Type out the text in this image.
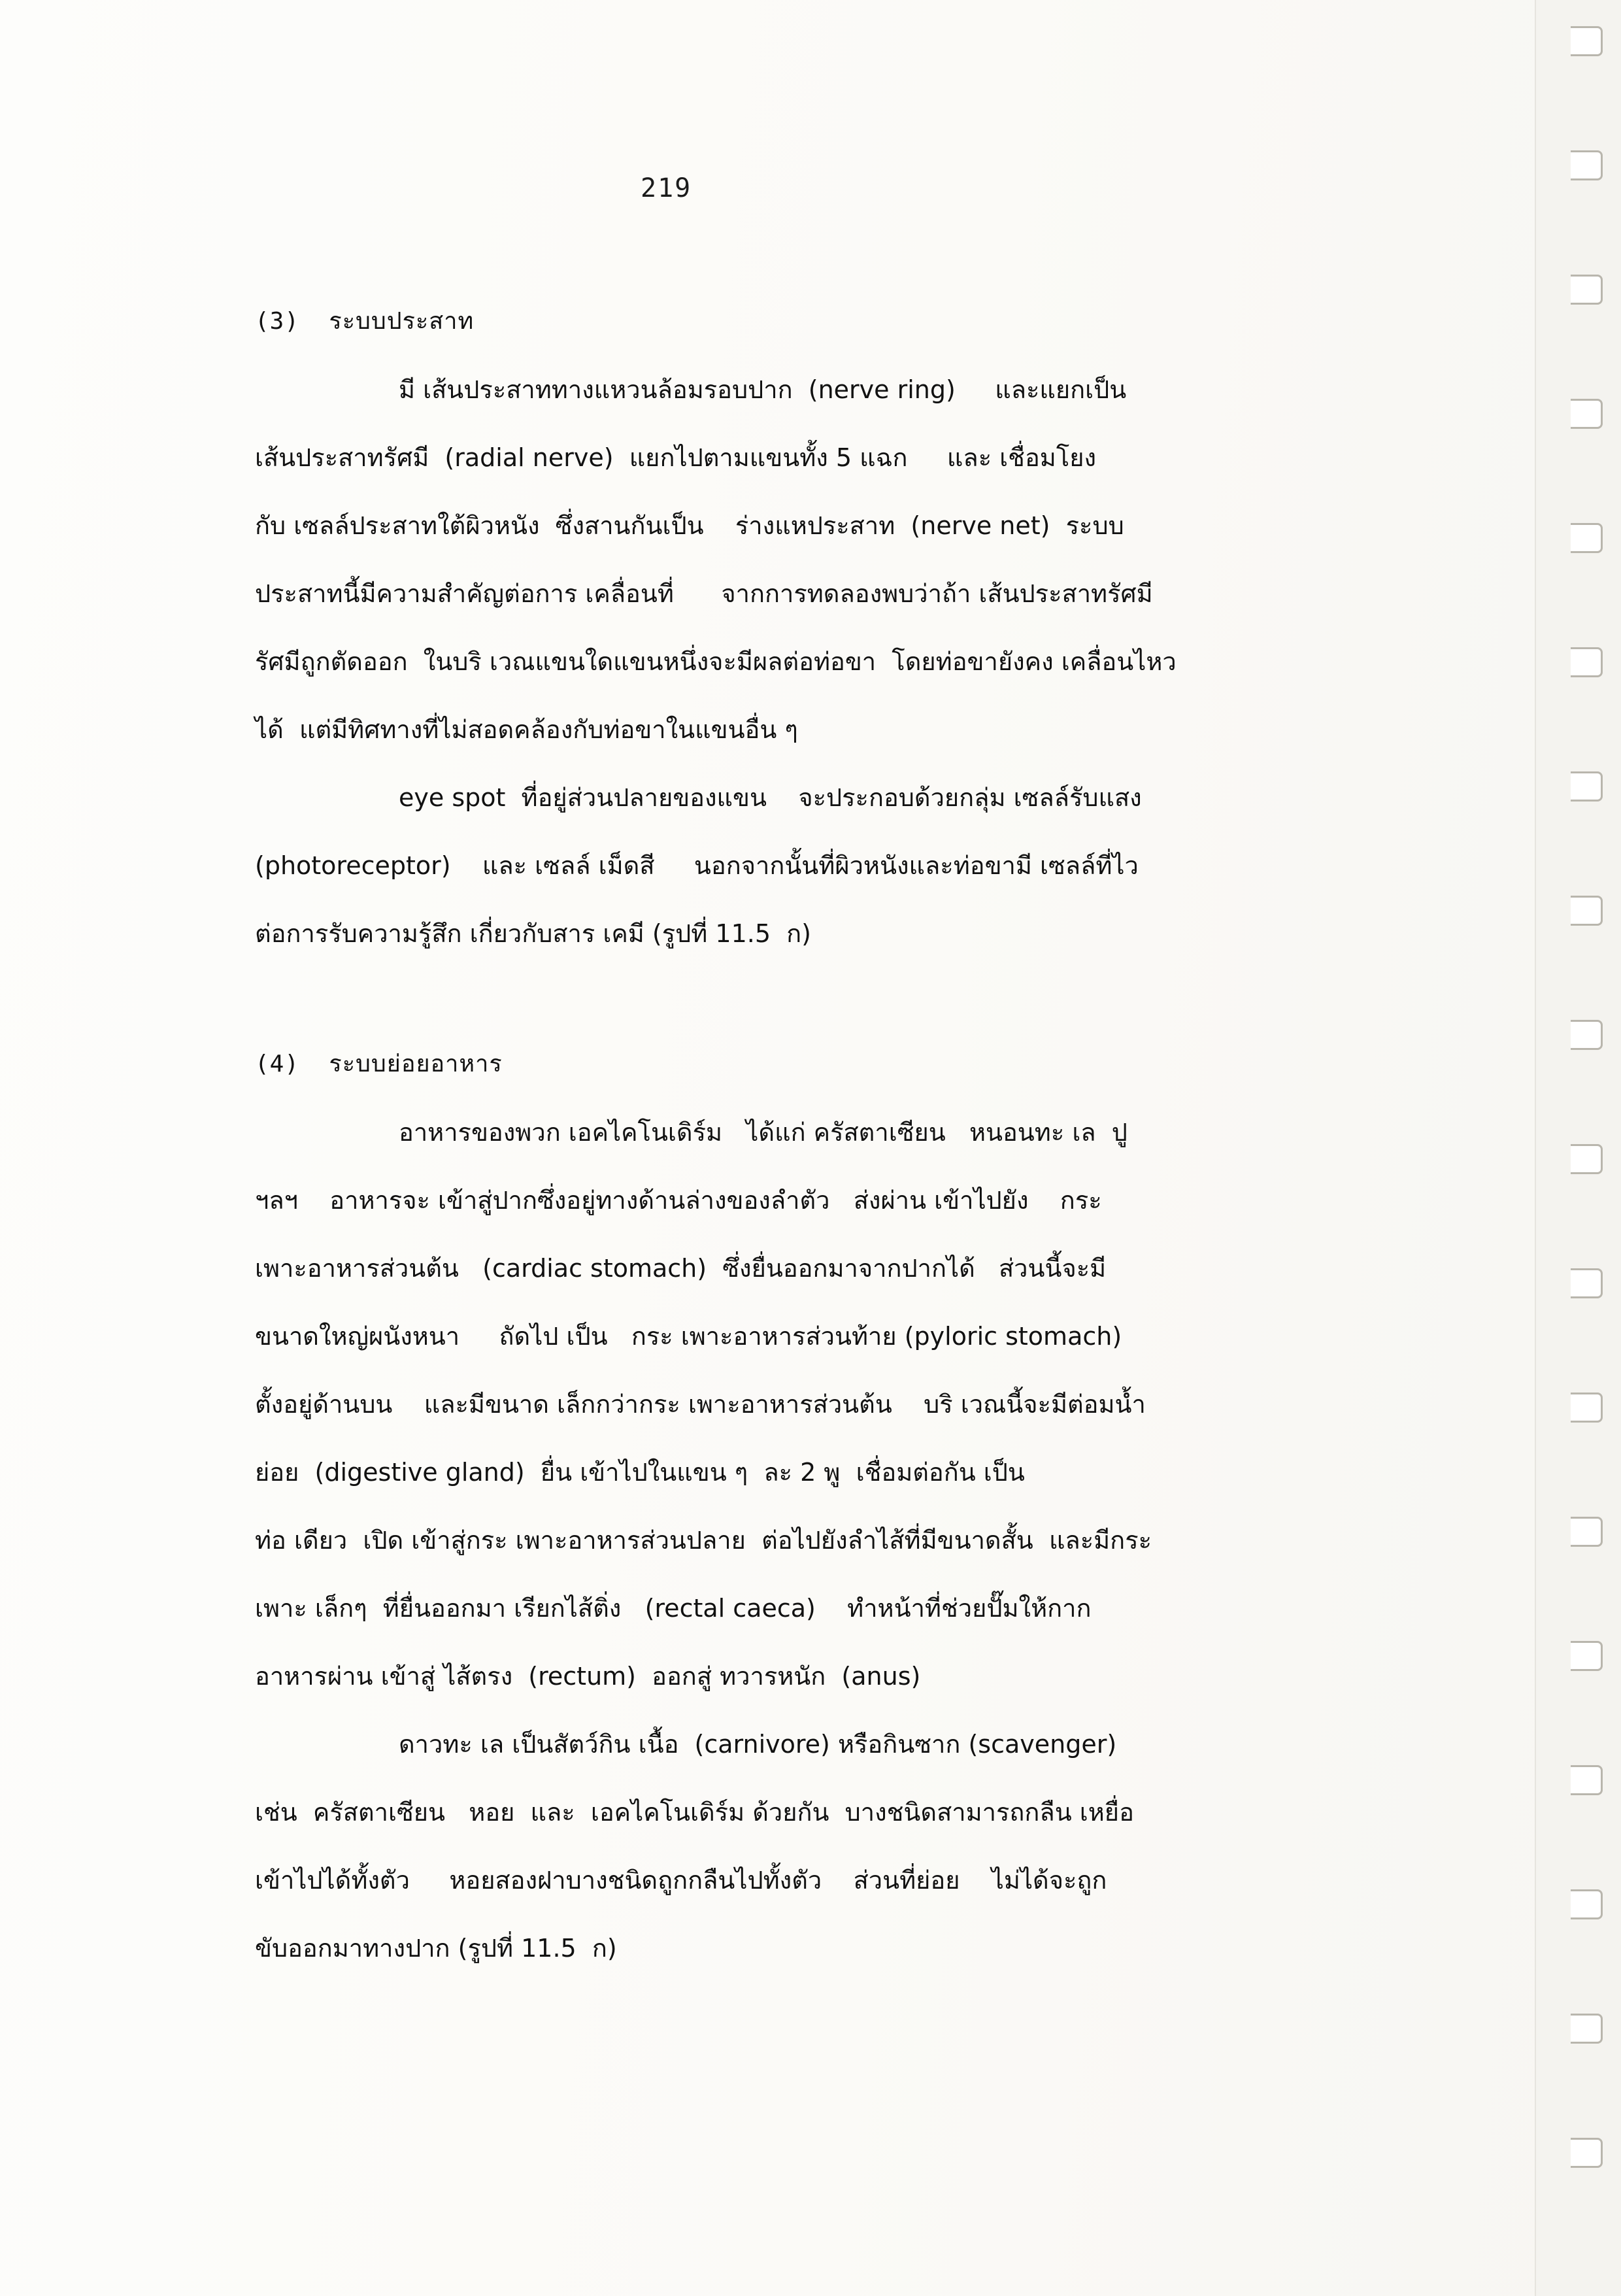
219
(3)  ระบบประสาท
มี เส้นประสาททางแหวนล้อมรอบปาก  (nerve ring)     และแยกเป็น
เส้นประสาทรัศมี  (radial nerve)  แยกไปตามแขนทั้ง 5 แฉก     และ เชื่อมโยง
กับ เซลล์ประสาทใต้ผิวหนัง  ซึ่งสานกันเป็น    ร่างแหประสาท  (nerve net)  ระบบ
ประสาทนี้มีความสำคัญต่อการ เคลื่อนที่      จากการทดลองพบว่าถ้า เส้นประสาทรัศมี
รัศมีถูกตัดออก  ในบริ เวณแขนใดแขนหนึ่งจะมีผลต่อท่อขา  โดยท่อขายังคง เคลื่อนไหว
ได้  แต่มีทิศทางที่ไม่สอดคล้องกับท่อขาในแขนอื่น ๆ
eye spot  ที่อยู่ส่วนปลายของแขน    จะประกอบด้วยกลุ่ม เซลล์รับแสง
(photoreceptor)    และ เซลล์ เม็ดสี     นอกจากนั้นที่ผิวหนังและท่อขามี เซลล์ที่ไว
ต่อการรับความรู้สึก เกี่ยวกับสาร เคมี (รูปที่ 11.5  ก)
(4)  ระบบย่อยอาหาร
อาหารของพวก เอคไคโนเดิร์ม   ได้แก่ ครัสตาเซียน   หนอนทะ เล  ปู
ฯลฯ    อาหารจะ เข้าสู่ปากซึ่งอยู่ทางด้านล่างของลำตัว   ส่งผ่าน เข้าไปยัง    กระ
เพาะอาหารส่วนต้น   (cardiac stomach)  ซึ่งยื่นออกมาจากปากได้   ส่วนนี้จะมี
ขนาดใหญ่ผนังหนา     ถัดไป เป็น   กระ เพาะอาหารส่วนท้าย (pyloric stomach)
ตั้งอยู่ด้านบน    และมีขนาด เล็กกว่ากระ เพาะอาหารส่วนต้น    บริ เวณนี้จะมีต่อมน้ำ
ย่อย  (digestive gland)  ยื่น เข้าไปในแขน ๆ  ละ 2 พู  เชื่อมต่อกัน เป็น
ท่อ เดียว  เปิด เข้าสู่กระ เพาะอาหารส่วนปลาย  ต่อไปยังลำไส้ที่มีขนาดสั้น  และมีกระ
เพาะ เล็กๆ  ที่ยื่นออกมา เรียกไส้ติ่ง   (rectal caeca)    ทำหน้าที่ช่วยปั๊มให้กาก
อาหารผ่าน เข้าสู่ ไส้ตรง  (rectum)  ออกสู่ ทวารหนัก  (anus)
ดาวทะ เล เป็นสัตว์กิน เนื้อ  (carnivore) หรือกินซาก (scavenger)
เช่น  ครัสตาเซียน   หอย  และ  เอคไคโนเดิร์ม ด้วยกัน  บางชนิดสามารถกลืน เหยื่อ
เข้าไปได้ทั้งตัว     หอยสองฝาบางชนิดถูกกลืนไปทั้งตัว    ส่วนที่ย่อย    ไม่ได้จะถูก
ขับออกมาทางปาก (รูปที่ 11.5  ก)
